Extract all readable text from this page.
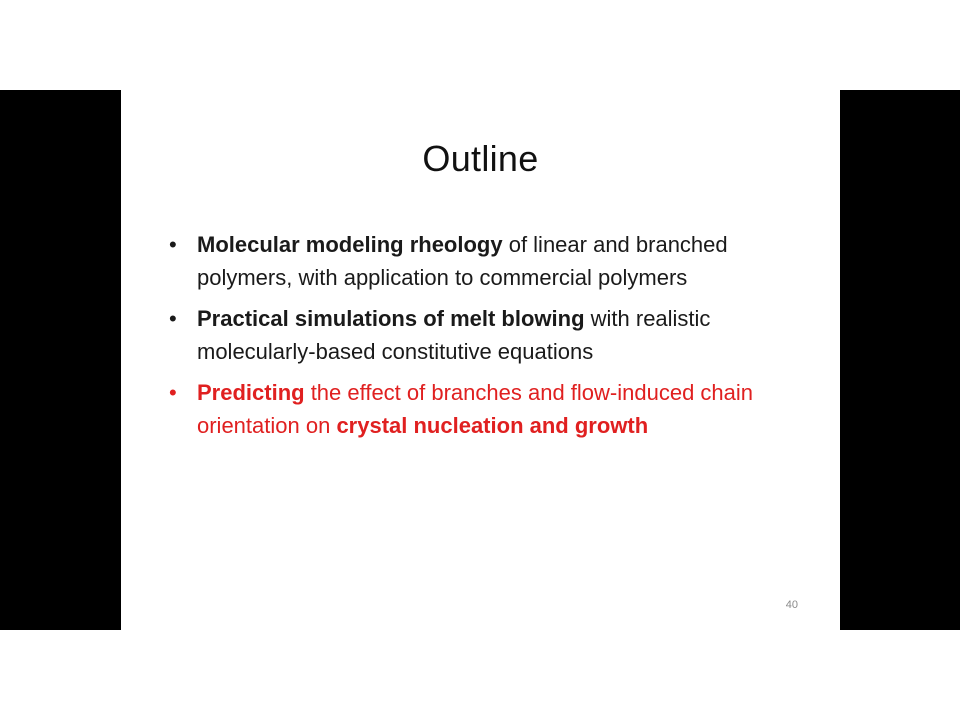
Outline
• Molecular modeling rheology of linear and branched polymers, with application to commercial polymers
• Practical simulations of melt blowing with realistic molecularly-based constitutive equations
• Predicting the effect of branches and flow-induced chain orientation on crystal nucleation and growth
40
